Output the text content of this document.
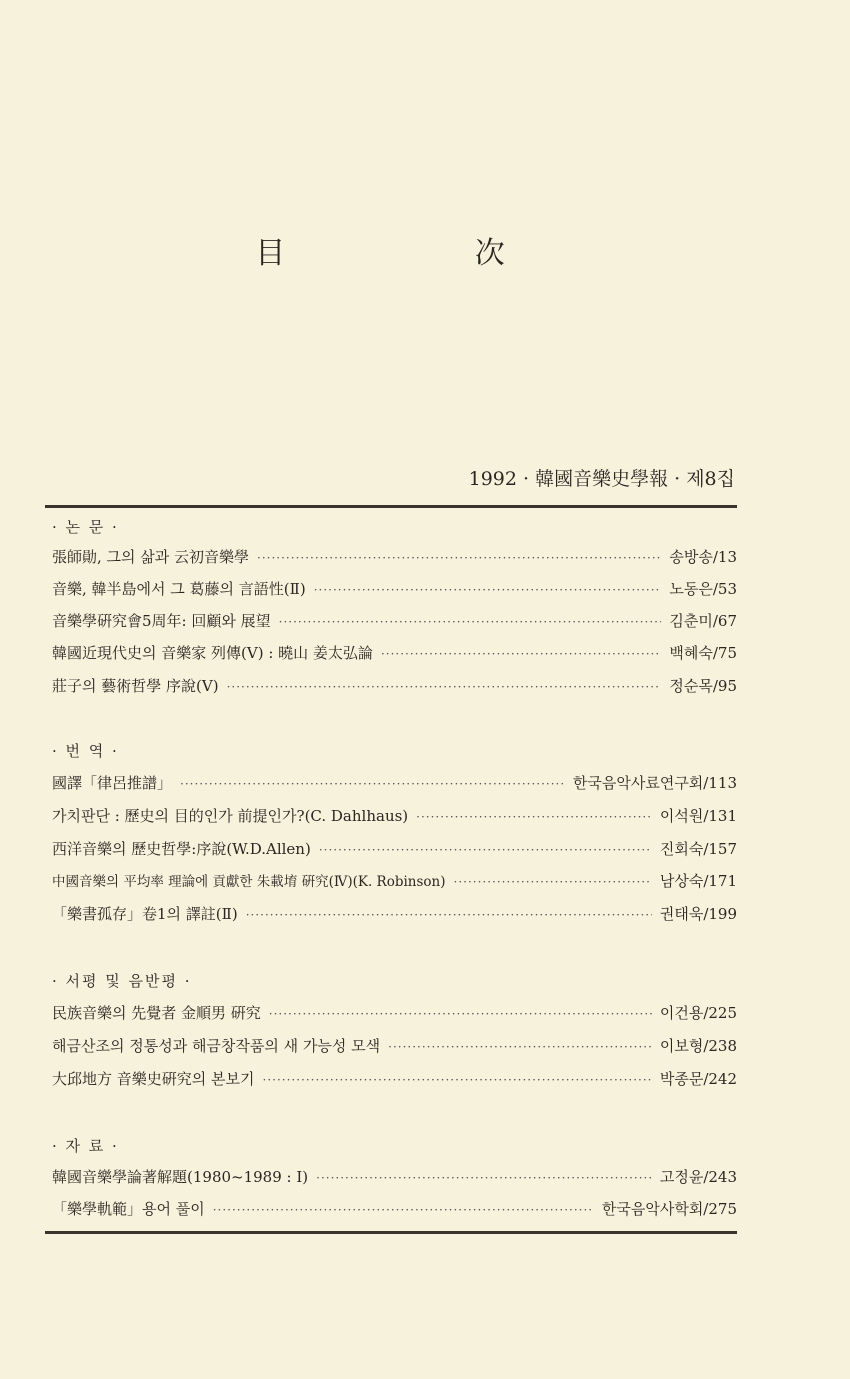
目 次
1992 · 韓國音樂史學報 · 제8집
· 논 문 ·
張師勛, 그의 삶과 云初音樂學 ·····	송방송/13
音樂, 韓半島에서 그 葛藤의 言語性(Ⅱ) ·····	노동은/53
音樂學硏究會5周年: 回顧와 展望 ·····	김춘미/67
韓國近現代史의 音樂家 列傳(V) : 曉山 姜太弘論 ·····	백혜숙/75
莊子의 藝術哲學 序說(V) ·····	정순목/95
· 번 역 ·
國譯「律呂推譜」 ·····	한국음악사료연구회/113
가치판단 : 歷史의 目的인가 前提인가?(C. Dahlhaus) ·····	이석원/131
西洋音樂의 歷史哲學:序說(W.D.Allen) ·····	진회숙/157
中國音樂의 平均率 理論에 貢獻한 朱載堉 硏究(Ⅳ)(K. Robinson) ·····	남상숙/171
「樂書孤存」卷1의 譯註(Ⅱ) ·····	권태욱/199
· 서평 및 음반평 ·
民族音樂의 先覺者 金順男 硏究 ·····	이건용/225
해금산조의 정통성과 해금창작품의 새 가능성 모색 ·····	이보형/238
大邱地方 音樂史硏究의 본보기 ·····	박종문/242
· 자 료 ·
韓國音樂學論著解題(1980~1989 : Ⅰ) ·····	고정윤/243
「樂學軌範」용어 풀이 ·····	한국음악사학회/275
